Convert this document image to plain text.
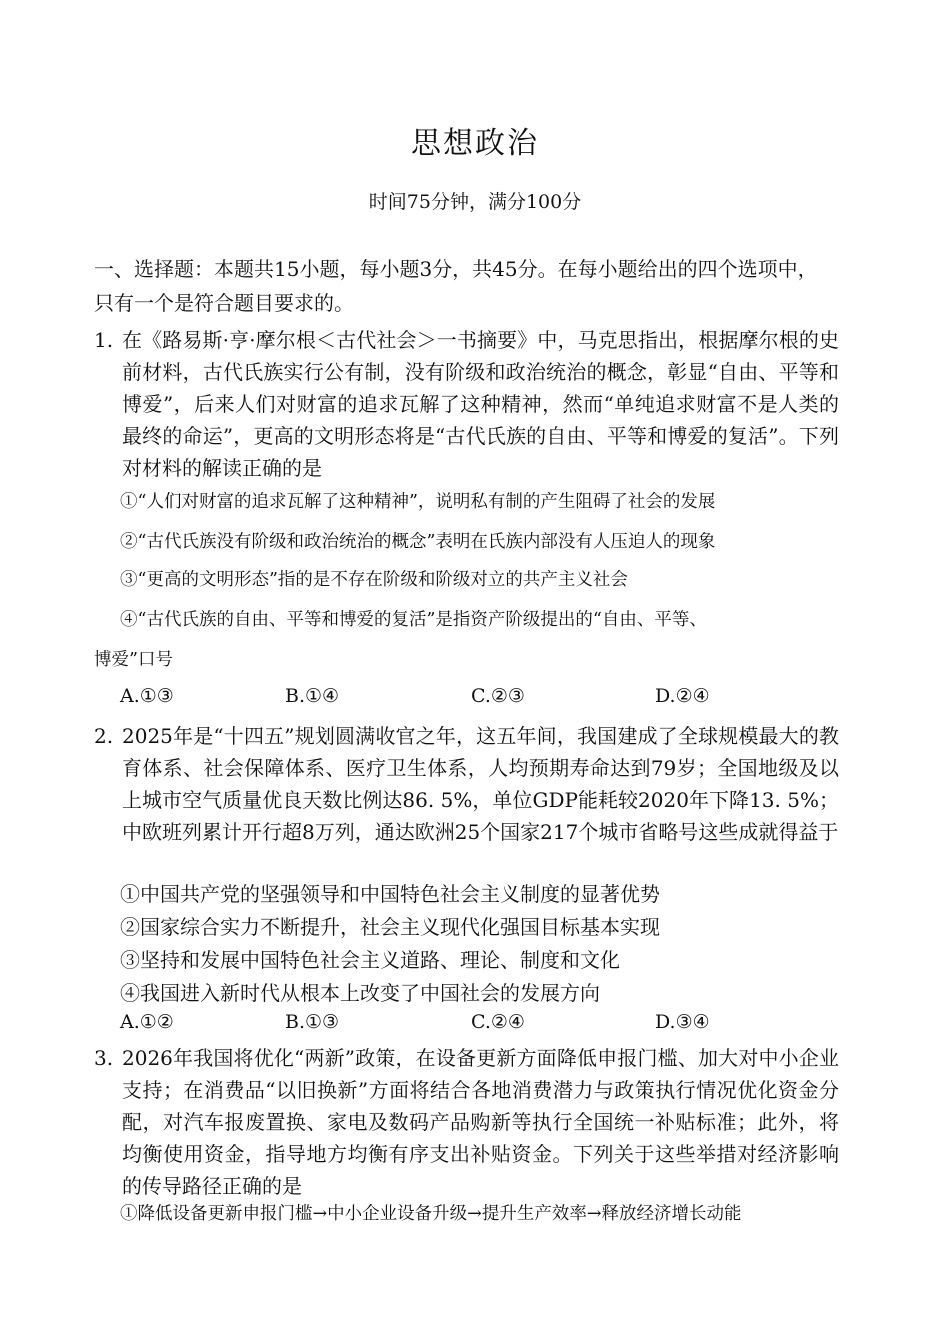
思想政治
时间75分钟，满分100分
一、选择题：本题共15小题，每小题3分，共45分。在每小题给出的四个选项中，只有一个是符合题目要求的。
1. 在《路易斯·亨·摩尔根＜古代社会＞一书摘要》中，马克思指出，根据摩尔根的史前材料，古代氏族实行公有制，没有阶级和政治统治的概念，彰显“自由、平等和博爱”，后来人们对财富的追求瓦解了这种精神，然而“单纯追求财富不是人类的最终的命运”，更高的文明形态将是“古代氏族的自由、平等和博爱的复活”。下列对材料的解读正确的是
①“人们对财富的追求瓦解了这种精神”，说明私有制的产生阻碍了社会的发展
②“古代氏族没有阶级和政治统治的概念”表明在氏族内部没有人压迫人的现象
③“更高的文明形态”指的是不存在阶级和阶级对立的共产主义社会
④“古代氏族的自由、平等和博爱的复活”是指资产阶级提出的“自由、平等、
博爱”口号
A.①③	B.①④	C.②③	D.②④
2. 2025年是“十四五”规划圆满收官之年，这五年间，我国建成了全球规模最大的教育体系、社会保障体系、医疗卫生体系，人均预期寿命达到79岁；全国地级及以上城市空气质量优良天数比例达86. 5%，单位GDP能耗较2020年下降13. 5%；中欧班列累计开行超8万列，通达欧洲25个国家217个城市省略号这些成就得益于
①中国共产党的坚强领导和中国特色社会主义制度的显著优势
②国家综合实力不断提升，社会主义现代化强国目标基本实现
③坚持和发展中国特色社会主义道路、理论、制度和文化
④我国进入新时代从根本上改变了中国社会的发展方向
A.①②	B.①③	C.②④	D.③④
3. 2026年我国将优化“两新”政策，在设备更新方面降低申报门槛、加大对中小企业支持；在消费品“以旧换新”方面将结合各地消费潜力与政策执行情况优化资金分配，对汽车报废置换、家电及数码产品购新等执行全国统一补贴标准；此外，将均衡使用资金，指导地方均衡有序支出补贴资金。下列关于这些举措对经济影响的传导路径正确的是
①降低设备更新申报门槛→中小企业设备升级→提升生产效率→释放经济增长动能
